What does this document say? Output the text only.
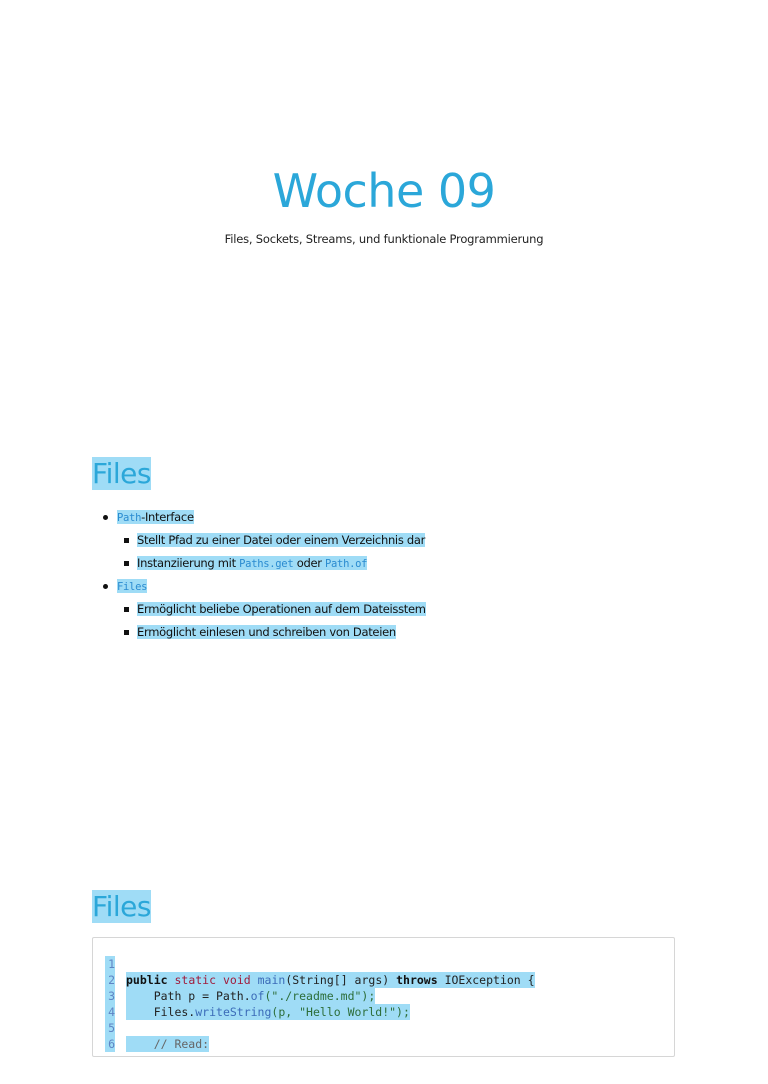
Woche 09
Files, Sockets, Streams, und funktionale Programmierung
Files
Path-Interface
Stellt Pfad zu einer Datei oder einem Verzeichnis dar
Instanziierung mit Paths.get oder Path.of
Files
Ermöglicht beliebe Operationen auf dem Dateisstem
Ermöglicht einlesen und schreiben von Dateien
Files

1

public static void main(String[] args) throws IOException {

2

Path p = Path.of("./readme.md");

3

Files.writeString(p, "Hello World!");

4

5

// Read:

6
